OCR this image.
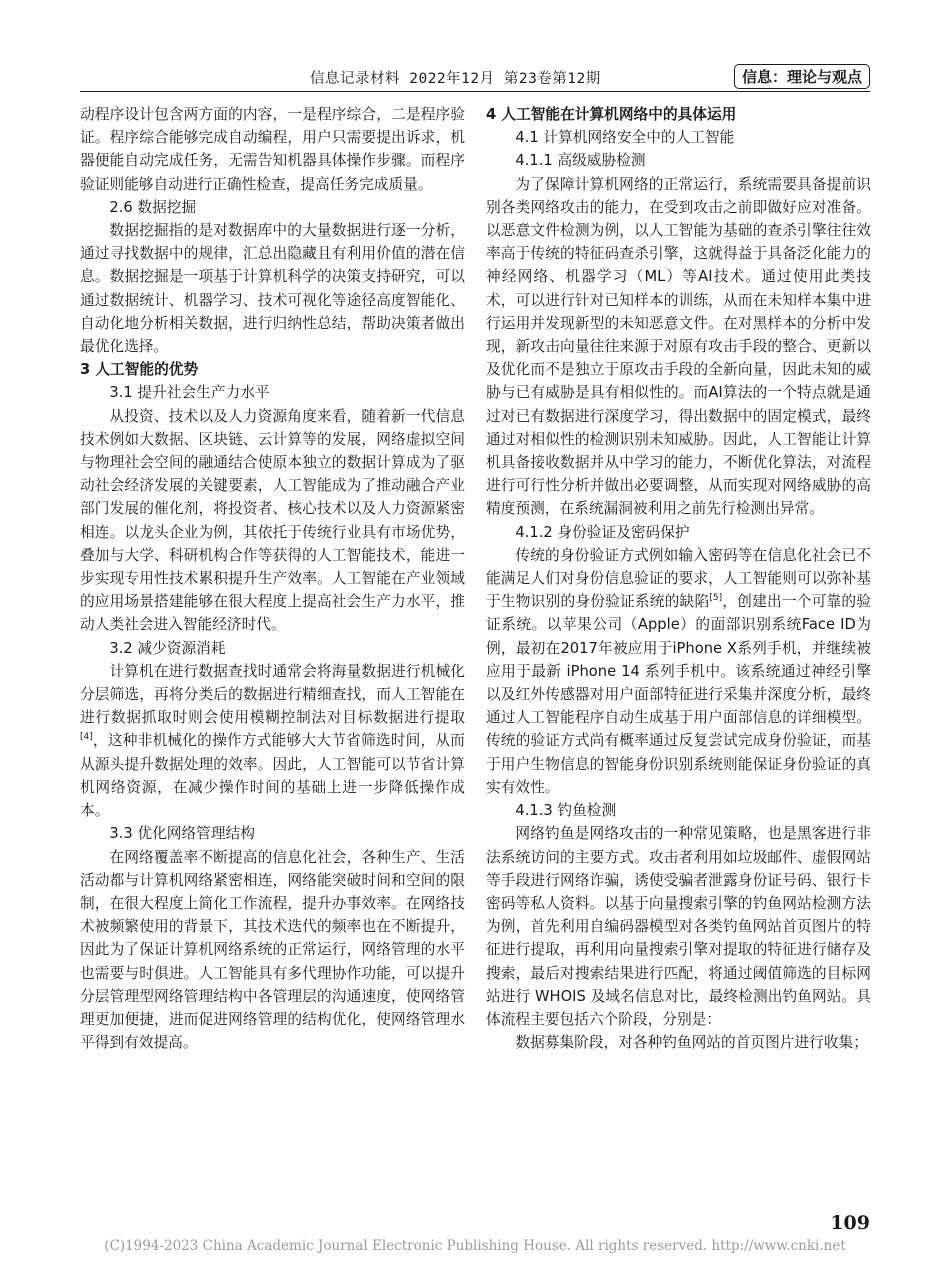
信息记录材料 2022年12月 第23卷第12期	信息：理论与观点

动程序设计包含两方面的内容，一是程序综合，二是程序验证。程序综合能够完成自动编程，用户只需要提出诉求，机器便能自动完成任务，无需告知机器具体操作步骤。而程序验证则能够自动进行正确性检查，提高任务完成质量。

2.6 数据挖掘

数据挖掘指的是对数据库中的大量数据进行逐一分析，通过寻找数据中的规律，汇总出隐藏且有利用价值的潜在信息。数据挖掘是一项基于计算机科学的决策支持研究，可以通过数据统计、机器学习、技术可视化等途径高度智能化、自动化地分析相关数据，进行归纳性总结，帮助决策者做出最优化选择。

3 人工智能的优势
3.1 提升社会生产力水平

从投资、技术以及人力资源角度来看，随着新一代信息技术例如大数据、区块链、云计算等的发展，网络虚拟空间与物理社会空间的融通结合使原本独立的数据计算成为了驱动社会经济发展的关键要素，人工智能成为了推动融合产业部门发展的催化剂，将投资者、核心技术以及人力资源紧密相连。以龙头企业为例，其依托于传统行业具有市场优势，叠加与大学、科研机构合作等获得的人工智能技术，能进一步实现专用性技术累积提升生产效率。人工智能在产业领域的应用场景搭建能够在很大程度上提高社会生产力水平，推动人类社会进入智能经济时代。

3.2 减少资源消耗

计算机在进行数据查找时通常会将海量数据进行机械化分层筛选，再将分类后的数据进行精细查找，而人工智能在进行数据抓取时则会使用模糊控制法对目标数据进行提取[4]，这种非机械化的操作方式能够大大节省筛选时间，从而从源头提升数据处理的效率。因此，人工智能可以节省计算机网络资源，在减少操作时间的基础上进一步降低操作成本。

3.3 优化网络管理结构

在网络覆盖率不断提高的信息化社会，各种生产、生活活动都与计算机网络紧密相连，网络能突破时间和空间的限制，在很大程度上简化工作流程，提升办事效率。在网络技术被频繁使用的背景下，其技术迭代的频率也在不断提升，因此为了保证计算机网络系统的正常运行，网络管理的水平也需要与时俱进。人工智能具有多代理协作功能，可以提升分层管理型网络管理结构中各管理层的沟通速度，使网络管理更加便捷，进而促进网络管理的结构优化，使网络管理水平得到有效提高。

4 人工智能在计算机网络中的具体运用
4.1 计算机网络安全中的人工智能
4.1.1 高级威胁检测

为了保障计算机网络的正常运行，系统需要具备提前识别各类网络攻击的能力，在受到攻击之前即做好应对准备。以恶意文件检测为例，以人工智能为基础的查杀引擎往往效率高于传统的特征码查杀引擎，这就得益于具备泛化能力的神经网络、机器学习（ML）等AI技术。通过使用此类技术，可以进行针对已知样本的训练，从而在未知样本集中进行运用并发现新型的未知恶意文件。在对黑样本的分析中发现，新攻击向量往往来源于对原有攻击手段的整合、更新以及优化而不是独立于原攻击手段的全新向量，因此未知的威胁与已有威胁是具有相似性的。而AI算法的一个特点就是通过对已有数据进行深度学习，得出数据中的固定模式，最终通过对相似性的检测识别未知威胁。因此，人工智能让计算机具备接收数据并从中学习的能力，不断优化算法，对流程进行可行性分析并做出必要调整，从而实现对网络威胁的高精度预测，在系统漏洞被利用之前先行检测出异常。

4.1.2 身份验证及密码保护

传统的身份验证方式例如输入密码等在信息化社会已不能满足人们对身份信息验证的要求，人工智能则可以弥补基于生物识别的身份验证系统的缺陷[5]，创建出一个可靠的验证系统。以苹果公司（Apple）的面部识别系统Face ID为例，最初在2017年被应用于iPhone X系列手机，并继续被应用于最新 iPhone 14 系列手机中。该系统通过神经引擎以及红外传感器对用户面部特征进行采集并深度分析，最终通过人工智能程序自动生成基于用户面部信息的详细模型。传统的验证方式尚有概率通过反复尝试完成身份验证，而基于用户生物信息的智能身份识别系统则能保证身份验证的真实有效性。

4.1.3 钓鱼检测

网络钓鱼是网络攻击的一种常见策略，也是黑客进行非法系统访问的主要方式。攻击者利用如垃圾邮件、虚假网站等手段进行网络诈骗，诱使受骗者泄露身份证号码、银行卡密码等私人资料。以基于向量搜索引擎的钓鱼网站检测方法为例，首先利用自编码器模型对各类钓鱼网站首页图片的特征进行提取，再利用向量搜索引擎对提取的特征进行储存及搜索，最后对搜索结果进行匹配，将通过阈值筛选的目标网站进行 WHOIS 及域名信息对比，最终检测出钓鱼网站。具体流程主要包括六个阶段，分别是：

数据募集阶段，对各种钓鱼网站的首页图片进行收集；

109
(C)1994-2023 China Academic Journal Electronic Publishing House. All rights reserved. http://www.cnki.net
